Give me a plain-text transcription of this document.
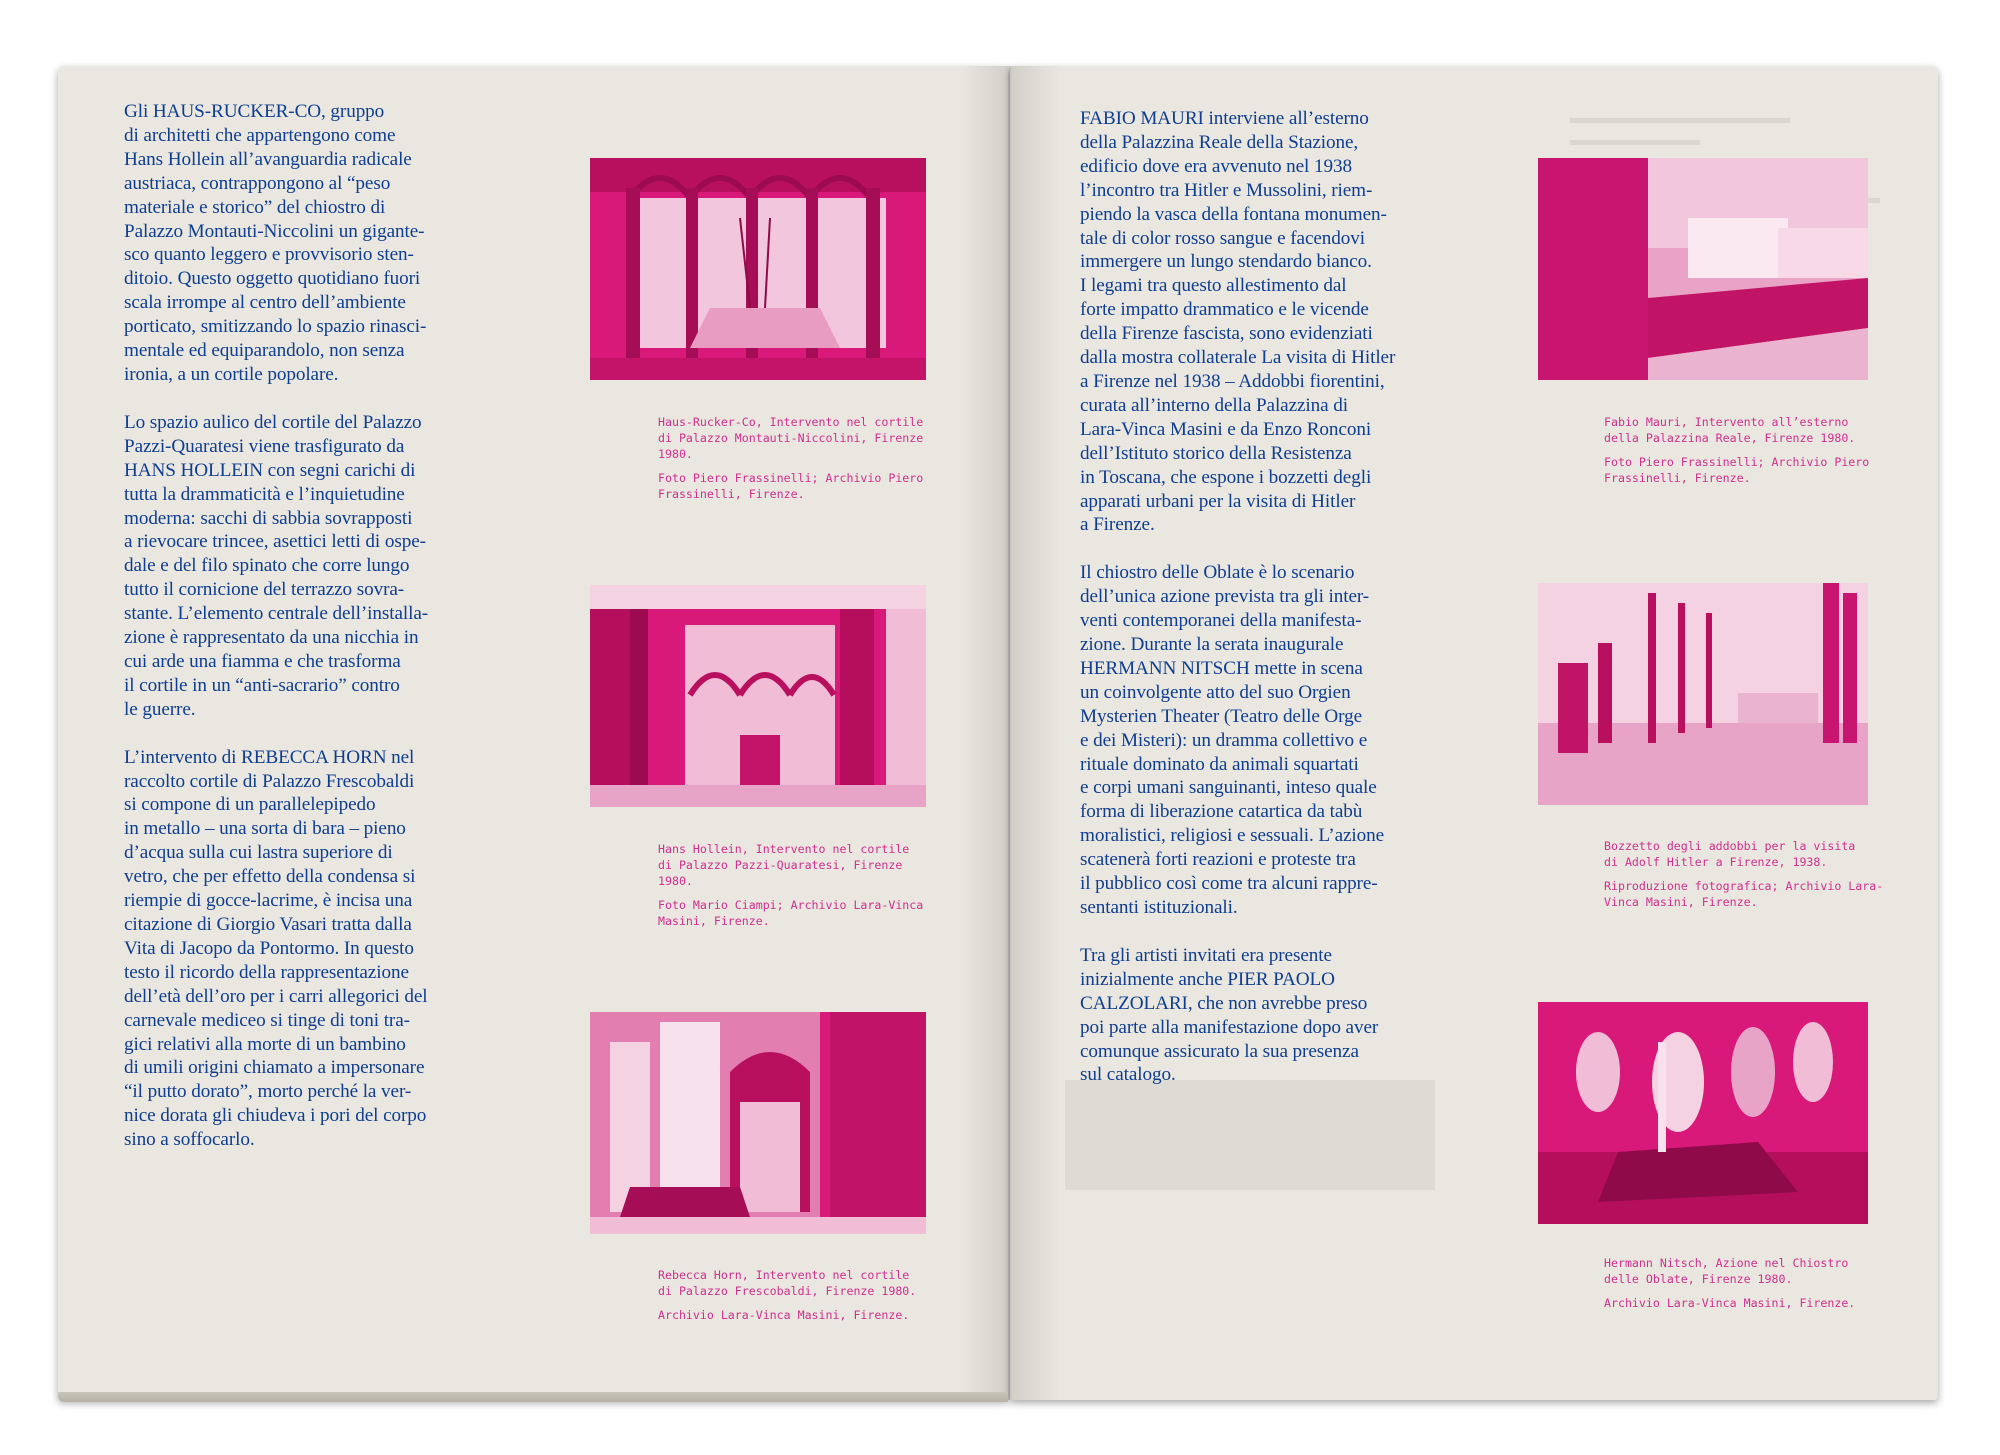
Gli HAUS-RUCKER-CO, gruppo
di architetti che appartengono come
Hans Hollein all’avanguardia radicale
austriaca, contrappongono al “peso
materiale e storico” del chiostro di
Palazzo Montauti-Niccolini un gigante-
sco quanto leggero e provvisorio sten-
ditoio. Questo oggetto quotidiano fuori
scala irrompe al centro dell’ambiente
porticato, smitizzando lo spazio rinasci-
mentale ed equiparandolo, non senza
ironia, a un cortile popolare.

Lo spazio aulico del cortile del Palazzo
Pazzi-Quaratesi viene trasfigurato da
HANS HOLLEIN con segni carichi di
tutta la drammaticità e l’inquietudine
moderna: sacchi di sabbia sovrapposti
a rievocare trincee, asettici letti di ospe-
dale e del filo spinato che corre lungo
tutto il cornicione del terrazzo sovra-
stante. L’elemento centrale dell’installa-
zione è rappresentato da una nicchia in
cui arde una fiamma e che trasforma
il cortile in un “anti-sacrario” contro
le guerre.

L’intervento di REBECCA HORN nel
raccolto cortile di Palazzo Frescobaldi
si compone di un parallelepipedo
in metallo – una sorta di bara – pieno
d’acqua sulla cui lastra superiore di
vetro, che per effetto della condensa si
riempie di gocce-lacrime, è incisa una
citazione di Giorgio Vasari tratta dalla
Vita di Jacopo da Pontormo. In questo
testo il ricordo della rappresentazione
dell’età dell’oro per i carri allegorici del
carnevale mediceo si tinge di toni tra-
gici relativi alla morte di un bambino
di umili origini chiamato a impersonare
“il putto dorato”, morto perché la ver-
nice dorata gli chiudeva i pori del corpo
sino a soffocarlo.

Haus-Rucker-Co, Intervento nel cortile
di Palazzo Montauti-Niccolini, Firenze
1980.
Foto Piero Frassinelli; Archivio Piero
Frassinelli, Firenze.
Hans Hollein, Intervento nel cortile
di Palazzo Pazzi-Quaratesi, Firenze
1980.
Foto Mario Ciampi; Archivio Lara-Vinca
Masini, Firenze.
Rebecca Horn, Intervento nel cortile
di Palazzo Frescobaldi, Firenze 1980.
Archivio Lara-Vinca Masini, Firenze.

FABIO MAURI interviene all’esterno
della Palazzina Reale della Stazione,
edificio dove era avvenuto nel 1938
l’incontro tra Hitler e Mussolini, riem-
piendo la vasca della fontana monumen-
tale di color rosso sangue e facendovi
immergere un lungo stendardo bianco.
I legami tra questo allestimento dal
forte impatto drammatico e le vicende
della Firenze fascista, sono evidenziati
dalla mostra collaterale La visita di Hitler
a Firenze nel 1938 – Addobbi fiorentini,
curata all’interno della Palazzina di
Lara-Vinca Masini e da Enzo Ronconi
dell’Istituto storico della Resistenza
in Toscana, che espone i bozzetti degli
apparati urbani per la visita di Hitler
a Firenze.

Il chiostro delle Oblate è lo scenario
dell’unica azione prevista tra gli inter-
venti contemporanei della manifesta-
zione. Durante la serata inaugurale
HERMANN NITSCH mette in scena
un coinvolgente atto del suo Orgien
Mysterien Theater (Teatro delle Orge
e dei Misteri): un dramma collettivo e
rituale dominato da animali squartati
e corpi umani sanguinanti, inteso quale
forma di liberazione catartica da tabù
moralistici, religiosi e sessuali. L’azione
scatenerà forti reazioni e proteste tra
il pubblico così come tra alcuni rappre-
sentanti istituzionali.

Tra gli artisti invitati era presente
inizialmente anche PIER PAOLO
CALZOLARI, che non avrebbe preso
poi parte alla manifestazione dopo aver
comunque assicurato la sua presenza
sul catalogo.

Fabio Mauri, Intervento all’esterno
della Palazzina Reale, Firenze 1980.
Foto Piero Frassinelli; Archivio Piero
Frassinelli, Firenze.
Bozzetto degli addobbi per la visita
di Adolf Hitler a Firenze, 1938.
Riproduzione fotografica; Archivio Lara-
Vinca Masini, Firenze.
Hermann Nitsch, Azione nel Chiostro
delle Oblate, Firenze 1980.
Archivio Lara-Vinca Masini, Firenze.
